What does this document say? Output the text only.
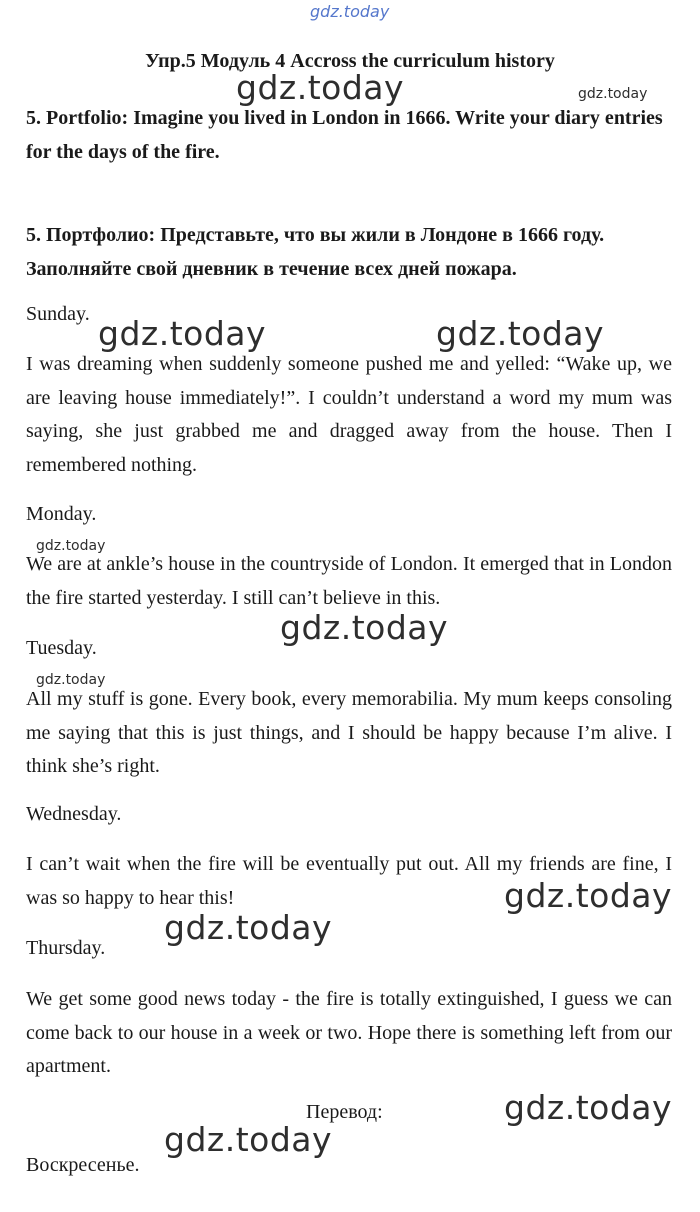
gdz.today
Упр.5 Модуль 4 Accross the curriculum history
5. Portfolio: Imagine you lived in London in 1666. Write your diary entries for the days of the fire.
5. Портфолио: Представьте, что вы жили в Лондоне в 1666 году. Заполняйте свой дневник в течение всех дней пожара.
Sunday.
I was dreaming when suddenly someone pushed me and yelled: “Wake up, we are leaving house immediately!”. I couldn’t understand a word my mum was saying, she just grabbed me and dragged away from the house. Then I remembered nothing.
Monday.
We are at ankle’s house in the countryside of London. It emerged that in London the fire started yesterday. I still can’t believe in this.
Tuesday.
All my stuff is gone. Every book, every memorabilia. My mum keeps consoling me saying that this is just things, and I should be happy because I’m alive. I think she’s right.
Wednesday.
I can’t wait when the fire will be eventually put out. All my friends are fine, I was so happy to hear this!
Thursday.
We get some good news today - the fire is totally extinguished, I guess we can come back to our house in a week or two. Hope there is something left from our apartment.
Перевод:
Воскресенье.
gdz.today	gdz.today
gdz.today	gdz.today
gdz.today
gdz.today
gdz.today
gdz.today
gdz.today
gdz.today
gdz.today
